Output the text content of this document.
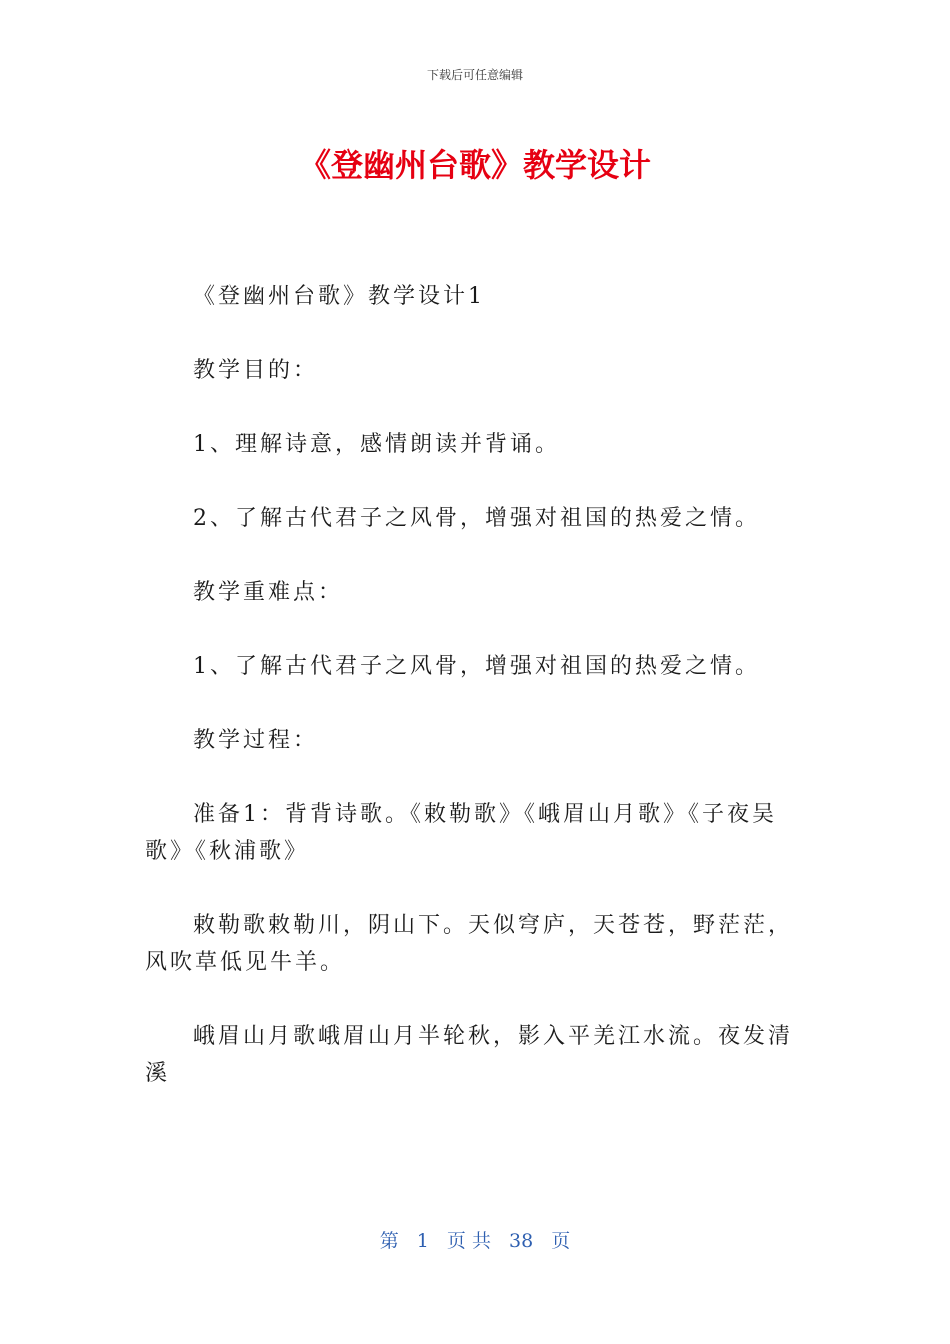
下载后可任意编辑
《登幽州台歌》教学设计

《登幽州台歌》教学设计1

教学目的：

1、理解诗意，感情朗读并背诵。

2、了解古代君子之风骨，增强对祖国的热爱之情。

教学重难点：

1、了解古代君子之风骨，增强对祖国的热爱之情。

教学过程：

准备1：背背诗歌。《敕勒歌》《峨眉山月歌》《子夜吴歌》《秋浦歌》

敕勒歌敕勒川，阴山下。天似穹庐，天苍苍，野茫茫，风吹草低见牛羊。

峨眉山月歌峨眉山月半轮秋，影入平羌江水流。夜发清溪

第 1 页 共 38 页
